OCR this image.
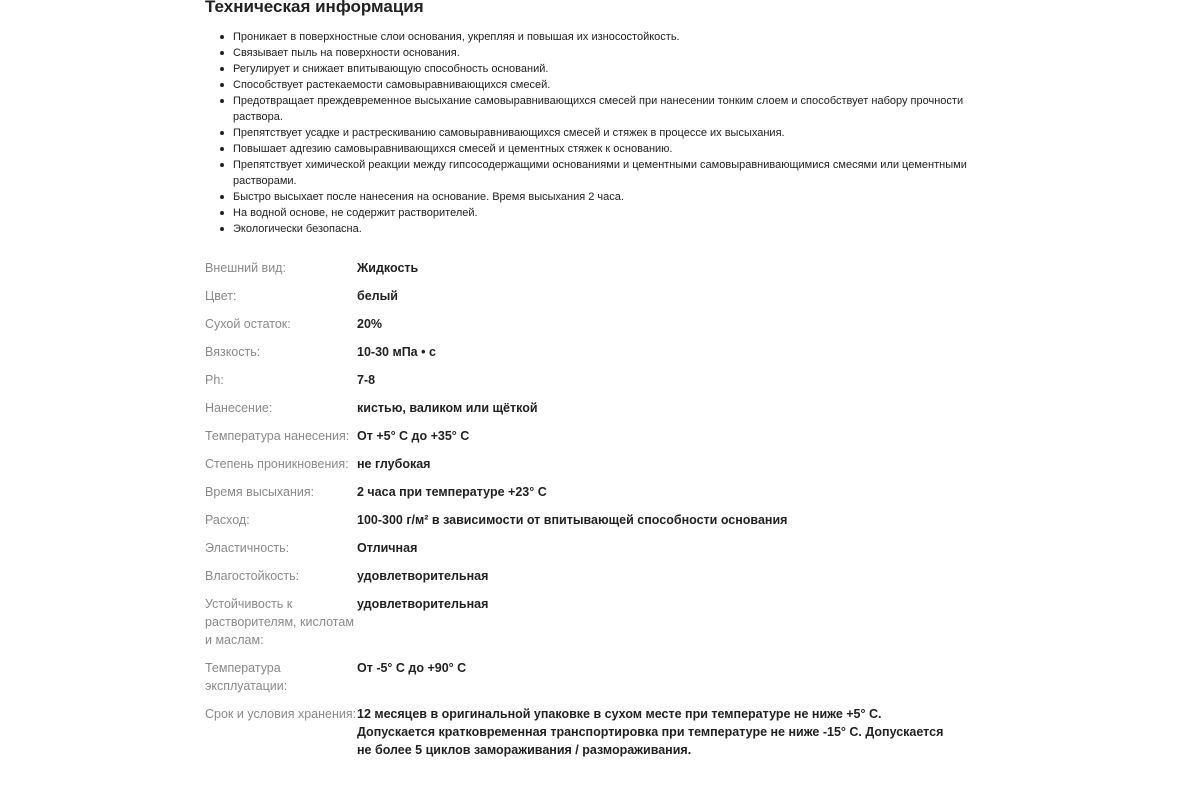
Техническая информация
Проникает в поверхностные слои основания, укрепляя и повышая их износостойкость.
Связывает пыль на поверхности основания.
Регулирует и снижает впитывающую способность оснований.
Способствует растекаемости самовыравнивающихся смесей.
Предотвращает преждевременное высыхание самовыравнивающихся смесей при нанесении тонким слоем и способствует набору прочности раствора.
Препятствует усадке и растрескиванию самовыравнивающихся смесей и стяжек в процессе их высыхания.
Повышает адгезию самовыравнивающихся смесей и цементных стяжек к основанию.
Препятствует химической реакции между гипсосодержащими основаниями и цементными самовыравнивающимися смесями или цементными растворами.
Быстро высыхает после нанесения на основание. Время высыхания 2 часа.
На водной основе, не содержит растворителей.
Экологически безопасна.
Внешний вид:	Жидкость
Цвет:	белый
Сухой остаток:	20%
Вязкость:	10-30 мПа • с
Ph:	7-8
Нанесение:	кистью, валиком или щёткой
Температура нанесения: От +5° С до +35° С
Степень проникновения: не глубокая
Время высыхания:	2 часа при температуре +23° С
Расход:	100-300 г/м² в зависимости от впитывающей способности основания
Эластичность:	Отличная
Влагостойкость:	удовлетворительная
Устойчивость к растворителям, кислотам и маслам:
удовлетворительная
Температура эксплуатации:
От -5° С до +90° С
Срок и условия хранения: 12 месяцев в оригинальной упаковке в сухом месте при температуре не ниже +5° С. Допускается кратковременная транспортировка при температуре не ниже -15° С. Допускается не более 5 циклов замораживания / размораживания.
